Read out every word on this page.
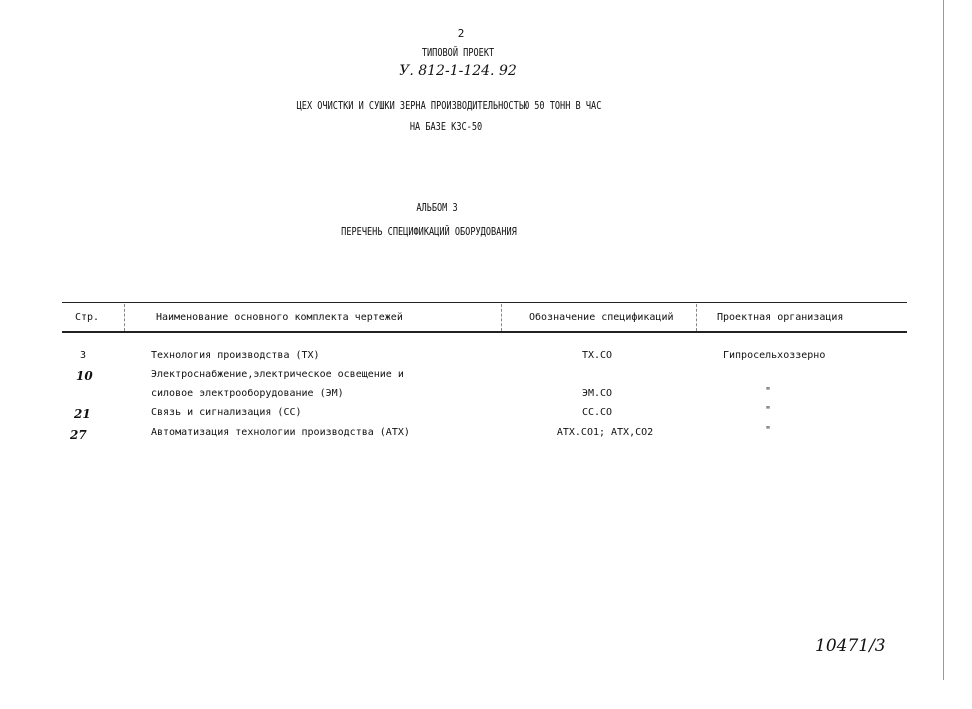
2
ТИПОВОЙ ПРОЕКТ
У. 812-1-124. 92
ЦЕХ ОЧИСТКИ И СУШКИ ЗЕРНА ПРОИЗВОДИТЕЛЬНОСТЬЮ 50 ТОНН В ЧАС
НА БАЗЕ КЗС-50
АЛЬБОМ 3
ПЕРЕЧЕНЬ СПЕЦИФИКАЦИЙ ОБОРУДОВАНИЯ
Стр.	Наименование основного комплекта чертежей	Обозначение спецификаций	Проектная организация
3	Технология производства (ТХ)	ТХ.СО	Гипросельхоззерно
10	Электроснабжение,электрическое освещение и
силовое электрооборудование (ЭМ)	ЭМ.СО	"
21	Связь и сигнализация (СС)	СС.СО	"
27	Автоматизация технологии производства (АТХ)	АТХ.СО1; АТХ,СО2	"
10471/3
